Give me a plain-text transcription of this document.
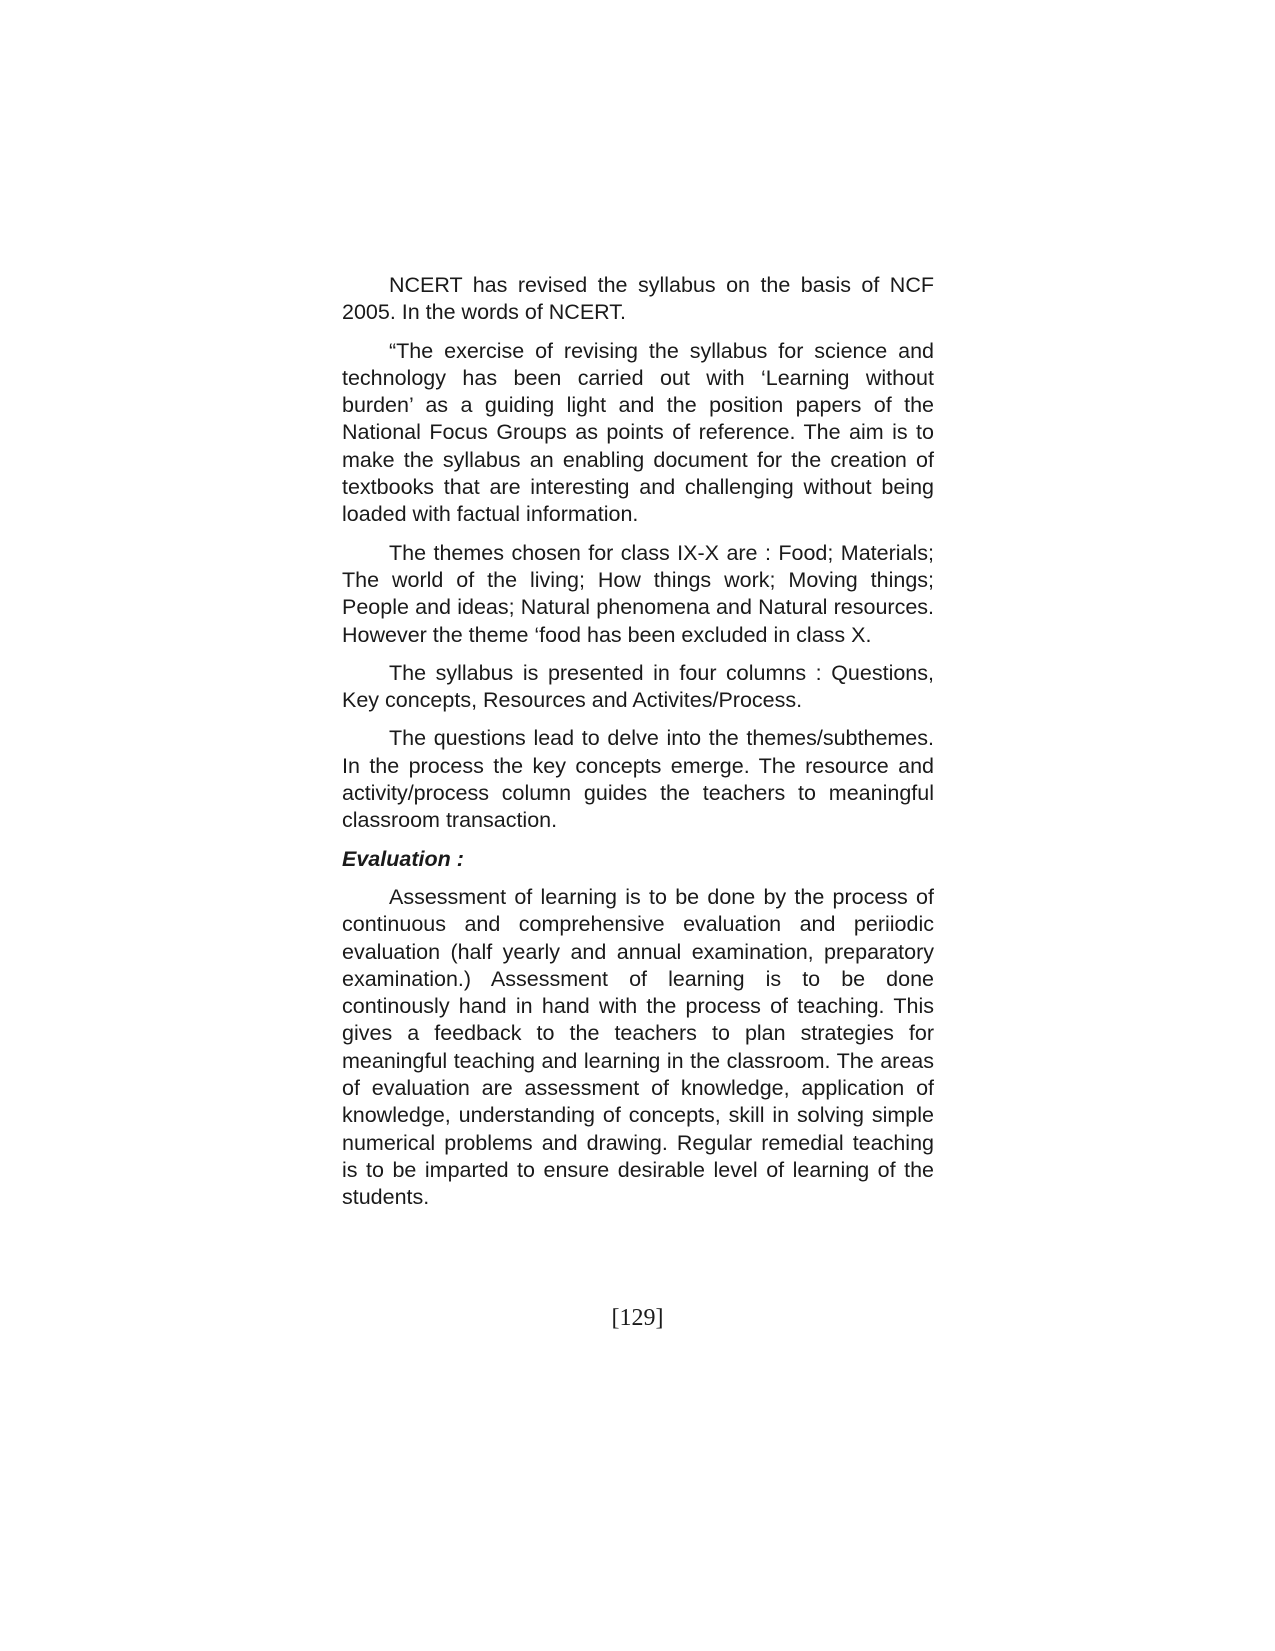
NCERT has revised the syllabus on the basis of NCF 2005. In the words of NCERT.

“The exercise of revising the syllabus for science and technology has been carried out with ‘Learning without burden’ as a guiding light and the position papers of the National Focus Groups as points of reference. The aim is to make the syllabus an enabling document for the creation of textbooks that are interesting and challenging without being loaded with factual information.

The themes chosen for class IX-X are : Food; Materials; The world of the living; How things work; Moving things; People and ideas; Natural phenomena and Natural resources. However the theme ‘food has been excluded in class X.

The syllabus is presented in four columns : Questions, Key concepts, Resources and Activites/Process.

The questions lead to delve into the themes/subthemes. In the process the key concepts emerge. The resource and activity/process column guides the teachers to meaningful classroom transaction.

Evaluation :

Assessment of learning is to be done by the process of continuous and comprehensive evaluation and periiodic evaluation (half yearly and annual examination, preparatory examination.) Assessment of learning is to be done continously hand in hand with the process of teaching. This gives a feedback to the teachers to plan strategies for meaningful teaching and learning in the classroom. The areas of evaluation are assessment of knowledge, application of knowledge, understanding of concepts, skill in solving simple numerical problems and drawing. Regular remedial teaching is to be imparted to ensure desirable level of learning of the students.

[129]
